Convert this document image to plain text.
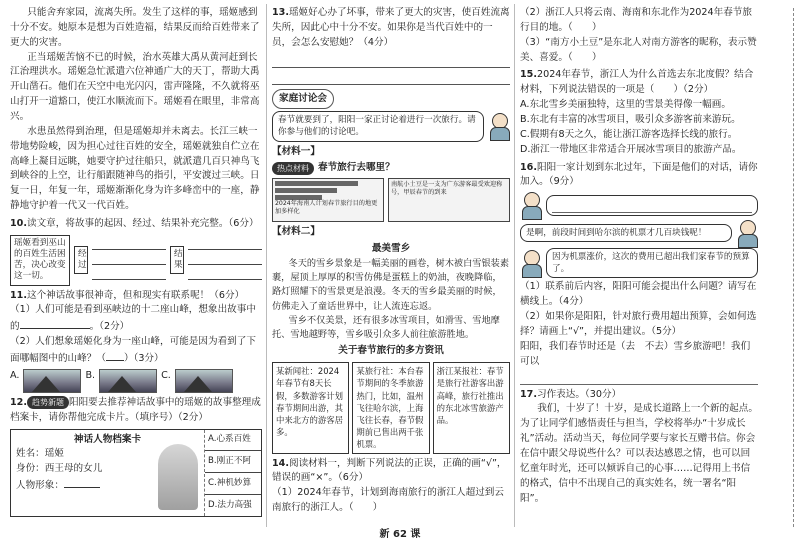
只能舍弃家园，流离失所。发生了这样的事，瑶姬感到十分不安。她原本是想为百姓造福，结果反而给百姓带来了更大的灾害。

正当瑶姬苦恼不已的时候，治水英雄大禹从黄河赶到长江治理洪水。瑶姬急忙派遣六位神通广大的天丁，帮助大禹开山凿石。他们在天空中电光闪闪，雷声隆隆，不久就将巫山打开一道豁口，使江水顺流而下。瑶姬看在眼里，非常高兴。

水患虽然得到治理，但是瑶姬却并未离去。长江三峡一带地势险峻，因为担心过往百姓的安全，瑶姬就独自伫立在高峰上凝目远眺，她要守护过往船只，就派遣几百只神鸟飞到峡谷的上空，让行船跟随神鸟的指引，平安渡过三峡。日复一日，年复一年，瑶姬渐渐化身为许多峰峦中的一座，静静地守护着一代又一代百姓。

10.读文章，将故事的起因、经过、结果补充完整。（6分）

瑶姬看到巫山的百姓生活困苦，决心改变这一切。
经过
结果

11.这个神话故事很神奇，但和现实有联系呢！（6分）

（1）人们可能是看到巫峡边的十二座山峰，想象出故事中的	。（2分）

（2）人们想象瑶姬化身为一座山峰，可能是因为看到了下面哪幅图中的山峰？（ ）（3分）

A.	B.	C.

12. 趋势新题 阳阳要去推荐神话故事中的瑶姬的故事整理成档案卡，请你帮他完成卡片。（填序号）（2分）

神话人物档案卡

姓名：瑶姬

身份：西王母的女儿

人物形象：

A.心系百姓
B.刚正不阿
C.神机妙算
D.法力高强

13.瑶姬好心办了坏事，带来了更大的灾害，使百姓流离失所，因此心中十分不安。如果你是当代百姓中的一员，会怎么安慰她？（4分）

家庭讨论会
春节就要到了，阳阳一家正讨论着进行一次旅行。请你参与他们的讨论吧。

【材料一】

热点材料 春节旅行去哪里？

2024年海南人计划春节旅行目的地更加多样化

南航小土豆是一支为广东游客最受欢迎称号，甲辰春节的到来

【材料二】

最美雪乡

冬天的雪乡景象是一幅美丽的画卷，树木被白雪银装素裹，屋顶上厚厚的积雪仿佛是蛋糕上的奶油，夜晚降临，路灯照耀下的雪景更是浪漫。冬天的雪乡最美丽的时候，仿佛走入了童话世界中，让人流连忘返。

雪乡不仅美景，还有很多冰雪项目，如滑雪、雪地摩托、雪地越野等，雪乡吸引众多人前往旅游胜地。

关于春节旅行的多方资讯

某新闻社：2024年春节有8天长假，多数游客计划春节期间出游，其中来北方的游客居多。
某旅行社：本台春节期间的冬季旅游热门，比如，温州飞往哈尔滨，上海飞往长春，春节假期前已售出两千张机票。
浙江某报社：春节是旅行社游客出游高峰，旅行社推出的东北冰雪旅游产品。

14.阅读材料一，判断下列说法的正误，正确的画“√”，错误的画“×”。（6分）

（1）2024年春节，计划到海南旅行的浙江人超过到云南旅行的浙江人。（　　 ）

（2）浙江人只将云南、海南和东北作为2024年春节旅行目的地。（　　）

（3）“南方小土豆”是东北人对南方游客的昵称，表示赞美、喜爱。（　　）

15.2024年春节，浙江人为什么首选去东北度假？结合材料，下列说法错误的一项是（　　）（2分）

A.东北雪乡美丽独特，这里的雪景美得像一幅画。

B.东北有丰富的冰雪项目，吸引众多游客前来游玩。

C.假期有8天之久，能让浙江游客选择长线的旅行。

D.浙江一带地区非常适合开展冰雪项目的旅游产品。

16.阳阳一家计划到东北过年，下面是他们的对话，请你加入。（9分）

是啊，前段时间到哈尔滨的机票才几百块钱呢！
因为机票涨价，这次的费用已超出我们家春节的预算了。

（1）联系前后内容，阳阳可能会提出什么问题？请写在横线上。（4分）

（2）如果你是阳阳，针对旅行费用超出预算，会如何选择？请画上“√”，并提出建议。（5分）

阳阳，我们春节时还是（去　不去）雪乡旅游吧！我们可以

17.习作表达。（30分）

我们，十岁了！十岁，是成长道路上一个新的起点。为了让同学们感悟责任与担当，学校将举办“十岁成长礼”活动。活动当天，每位同学要与家长互赠书信。你会在信中跟父母说些什么？可以表达感恩之情，也可以回忆童年时光，还可以倾诉自己的心事……记得用上书信的格式，信中不出现自己的真实姓名，统一署名“阳阳”。

新 62 课
